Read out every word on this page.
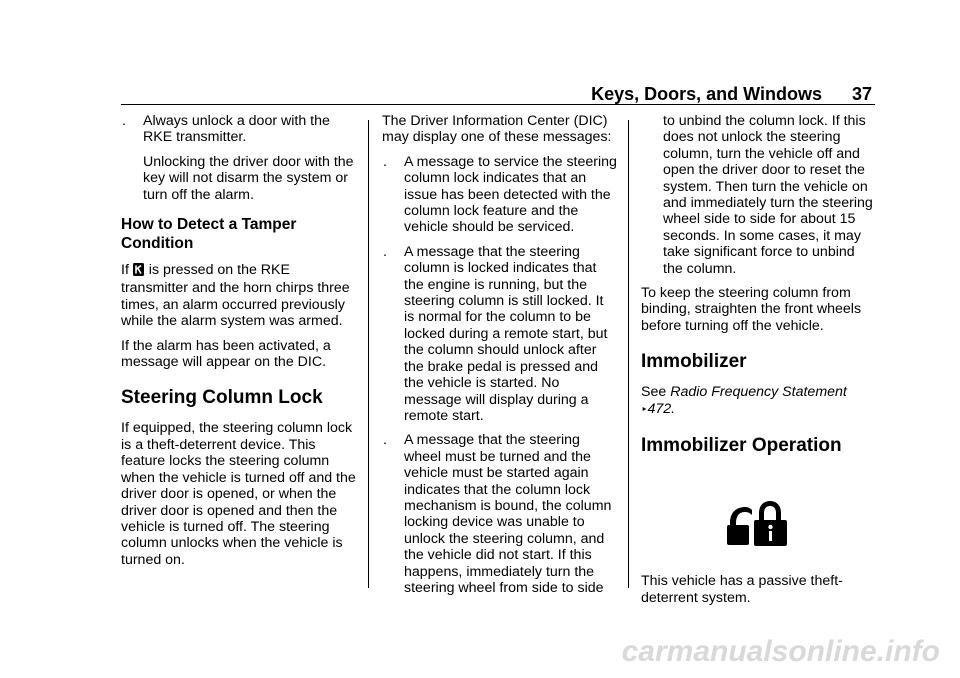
Keys, Doors, and Windows 37
. Always unlock a door with the RKE transmitter.
Unlocking the driver door with the key will not disarm the system or turn off the alarm.
How to Detect a Tamper Condition

If is pressed on the RKE transmitter and the horn chirps three times, an alarm occurred previously while the alarm system was armed.

If the alarm has been activated, a message will appear on the DIC.

Steering Column Lock

If equipped, the steering column lock is a theft-deterrent device. This feature locks the steering column when the vehicle is turned off and the driver door is opened, or when the driver door is opened and then the vehicle is turned off. The steering column unlocks when the vehicle is turned on.

The Driver Information Center (DIC) may display one of these messages:

. A message to service the steering column lock indicates that an issue has been detected with the column lock feature and the vehicle should be serviced.
. A message that the steering column is locked indicates that the engine is running, but the steering column is still locked. It is normal for the column to be locked during a remote start, but the column should unlock after the brake pedal is pressed and the vehicle is started. No message will display during a remote start.
. A message that the steering wheel must be turned and the vehicle must be started again indicates that the column lock mechanism is bound, the column locking device was unable to unlock the steering column, and the vehicle did not start. If this happens, immediately turn the steering wheel from side to side

to unbind the column lock. If this does not unlock the steering column, turn the vehicle off and open the driver door to reset the system. Then turn the vehicle on and immediately turn the steering wheel side to side for about 15 seconds. In some cases, it may take significant force to unbind the column.

To keep the steering column from binding, straighten the front wheels before turning off the vehicle.

Immobilizer

See Radio Frequency Statement
‣ 472.

Immobilizer Operation

This vehicle has a passive theft-deterrent system.

carmanualsonline.info
